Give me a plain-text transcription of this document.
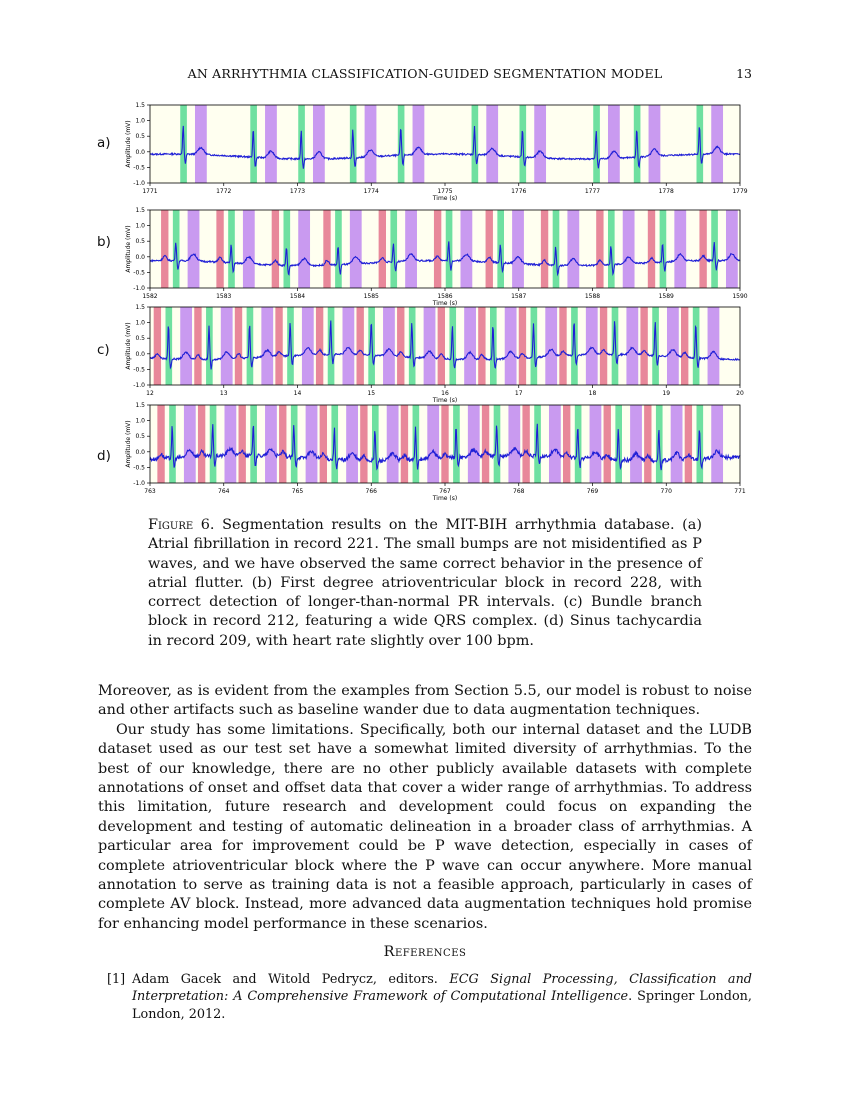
AN ARRHYTHMIA CLASSIFICATION-GUIDED SEGMENTATION MODEL	13
a)
1771	1772	1773	1774	1775	1776	1777	1778	1779
1.5
1.0
0.5
0.0
-0.5
-1.0
Time (s)
Amplitude (mV)
b)
1582	1583	1584	1585	1586	1587	1588	1589	1590
1.5
1.0
0.5
0.0
-0.5
-1.0
Time (s)
Amplitude (mV)
c)
12	13	14	15	16	17	18	19	20
1.5
1.0
0.5
0.0
-0.5
-1.0
Time (s)
Amplitude (mV)
d)
763	764	765	766	767	768	769	770	771
1.5
1.0
0.5
0.0
-0.5
-1.0
Time (s)
Amplitude (mV)
Figure 6. Segmentation results on the MIT-BIH arrhythmia database. (a) Atrial fibrillation in record 221. The small bumps are not misidentified as P waves, and we have observed the same correct behavior in the presence of atrial flutter. (b) First degree atrioventricular block in record 228, with correct detection of longer-than-normal PR intervals. (c) Bundle branch block in record 212, featuring a wide QRS complex. (d) Sinus tachycardia in record 209, with heart rate slightly over 100 bpm.

Moreover, as is evident from the examples from Section 5.5, our model is robust to noise and other artifacts such as baseline wander due to data augmentation techniques.

Our study has some limitations. Specifically, both our internal dataset and the LUDB dataset used as our test set have a somewhat limited diversity of arrhythmias. To the best of our knowledge, there are no other publicly available datasets with complete annotations of onset and offset data that cover a wider range of arrhythmias. To address this limitation, future research and development could focus on expanding the development and testing of automatic delineation in a broader class of arrhythmias. A particular area for improvement could be P wave detection, especially in cases of complete atrioventricular block where the P wave can occur anywhere. More manual annotation to serve as training data is not a feasible approach, particularly in cases of complete AV block. Instead, more advanced data augmentation techniques hold promise for enhancing model performance in these scenarios.

References
[1] Adam Gacek and Witold Pedrycz, editors. ECG Signal Processing, Classification and Interpretation: A Comprehensive Framework of Computational Intelligence. Springer London, London, 2012.
